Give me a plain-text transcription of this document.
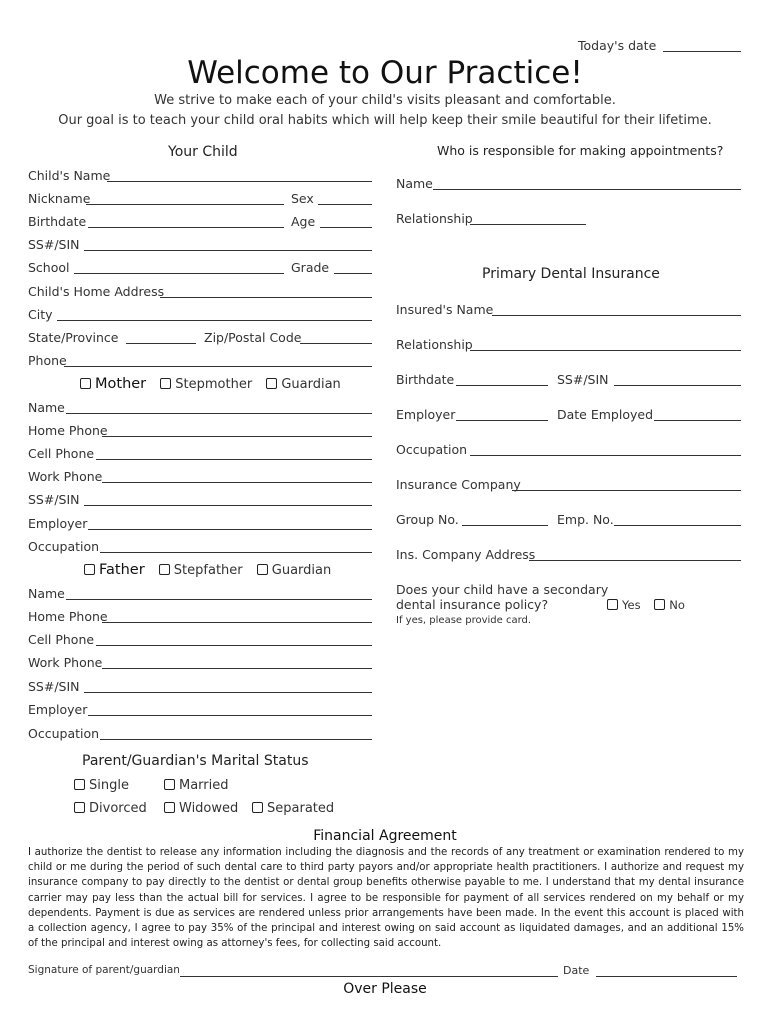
Today's date
Welcome to Our Practice!
We strive to make each of your child's visits pleasant and comfortable.
Our goal is to teach your child oral habits which will help keep their smile beautiful for their lifetime.
Your Child
Child's Name
Nickname	Sex
Birthdate	Age
SS#/SIN
School	Grade
Child's Home Address
City
State/Province	Zip/Postal Code
Phone
Mother Stepmother Guardian
Name
Home Phone
Cell Phone
Work Phone
SS#/SIN
Employer
Occupation
Father Stepfather Guardian
Name
Home Phone
Cell Phone
Work Phone
SS#/SIN
Employer
Occupation
Parent/Guardian's Marital Status
Single	Married
Divorced	Widowed	Separated
Who is responsible for making appointments?
Name
Relationship
Primary Dental Insurance
Insured's Name
Relationship
Birthdate	SS#/SIN
Employer	Date Employed
Occupation
Insurance Company
Group No.	Emp. No.
Ins. Company Address
Does your child have a secondary
dental insurance policy?	Yes No
If yes, please provide card.
Financial Agreement
I authorize the dentist to release any information including the diagnosis and the records of any treatment or examination rendered to my child or me during the period of such dental care to third party payors and/or appropriate health practitioners. I authorize and request my insurance company to pay directly to the dentist or dental group benefits otherwise payable to me. I understand that my dental insurance carrier may pay less than the actual bill for services. I agree to be responsible for payment of all services rendered on my behalf or my dependents. Payment is due as services are rendered unless prior arrangements have been made. In the event this account is placed with a collection agency, I agree to pay 35% of the principal and interest owing on said account as liquidated damages, and an additional 15% of the principal and interest owing as attorney's fees, for collecting said account.
Signature of parent/guardian	Date
Over Please
